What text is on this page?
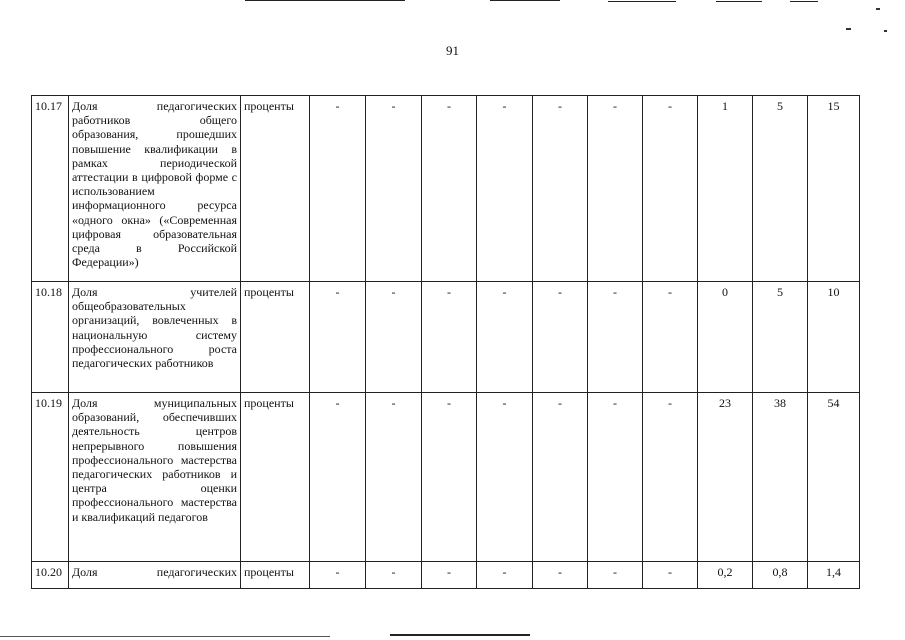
91
10.17	Доля педагогических работников общего образования, прошедших повышение квалификации в рамках периодической аттестации в цифровой форме с использованием информационного ресурса «одного окна» («Современная цифровая образовательная среда в Российской Федерации»)	проценты	-	-	-	-	-	-	-	1	5	15
10.18	Доля учителей общеобразовательных организаций, вовлеченных в национальную систему профессионального роста педагогических работников	проценты	-	-	-	-	-	-	-	0	5	10
10.19	Доля муниципальных образований, обеспечивших деятельность центров непрерывного повышения профессионального мастерства педагогических работников и центра оценки профессионального мастерства и квалификаций педагогов	проценты	-	-	-	-	-	-	-	23	38	54
10.20	Доля педагогических	проценты	-	-	-	-	-	-	-	0,2	0,8	1,4
